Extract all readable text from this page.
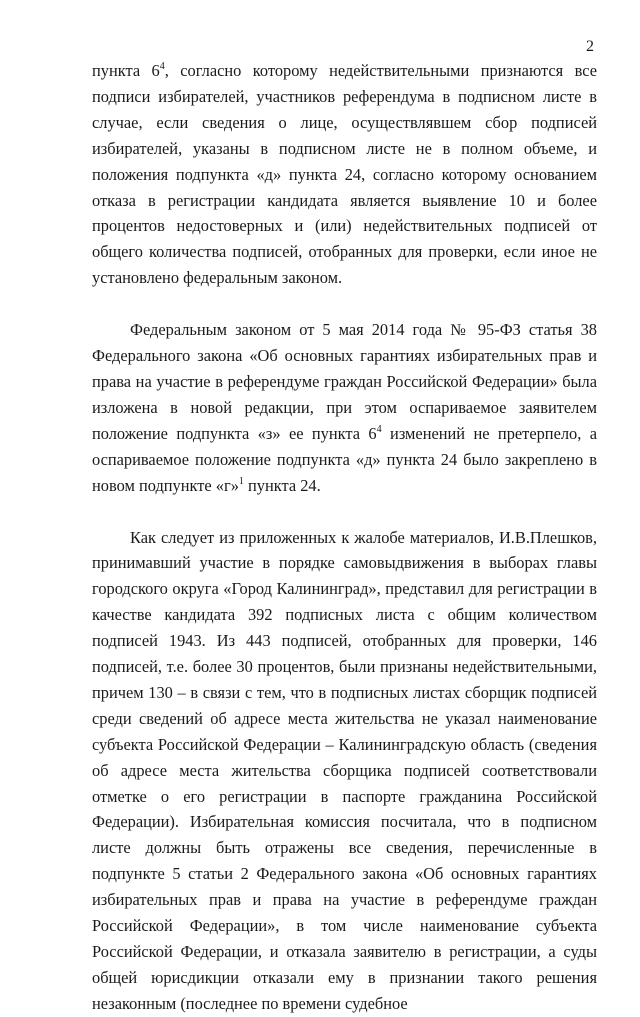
2

пункта $6^4$, согласно которому недействительными признаются все подписи избирателей, участников референдума в подписном листе в случае, если сведения о лице, осуществлявшем сбор подписей избирателей, указаны в подписном листе не в полном объеме, и положения подпункта «д» пункта 24, согласно которому основанием отказа в регистрации кандидата является выявление 10 и более процентов недостоверных и (или) недействительных подписей от общего количества подписей, отобранных для проверки, если иное не установлено федеральным законом.

Федеральным законом от 5 мая 2014 года № 95-ФЗ статья 38 Федерального закона «Об основных гарантиях избирательных прав и права на участие в референдуме граждан Российской Федерации» была изложена в новой редакции, при этом оспариваемое заявителем положение подпункта «з» ее пункта $6^4$ изменений не претерпело, а оспариваемое положение подпункта «д» пункта 24 было закреплено в новом подпункте «г»$^1$ пункта 24.

Как следует из приложенных к жалобе материалов, И.В.Плешков, принимавший участие в порядке самовыдвижения в выборах главы городского округа «Город Калининград», представил для регистрации в качестве кандидата 392 подписных листа с общим количеством подписей 1943. Из 443 подписей, отобранных для проверки, 146 подписей, т.е. более 30 процентов, были признаны недействительными, причем 130 – в связи с тем, что в подписных листах сборщик подписей среди сведений об адресе места жительства не указал наименование субъекта Российской Федерации – Калининградскую область (сведения об адресе места жительства сборщика подписей соответствовали отметке о его регистрации в паспорте гражданина Российской Федерации). Избирательная комиссия посчитала, что в подписном листе должны быть отражены все сведения, перечисленные в подпункте 5 статьи 2 Федерального закона «Об основных гарантиях избирательных прав и права на участие в референдуме граждан Российской Федерации», в том числе наименование субъекта Российской Федерации, и отказала заявителю в регистрации, а суды общей юрисдикции отказали ему в признании такого решения незаконным (последнее по времени судебное
